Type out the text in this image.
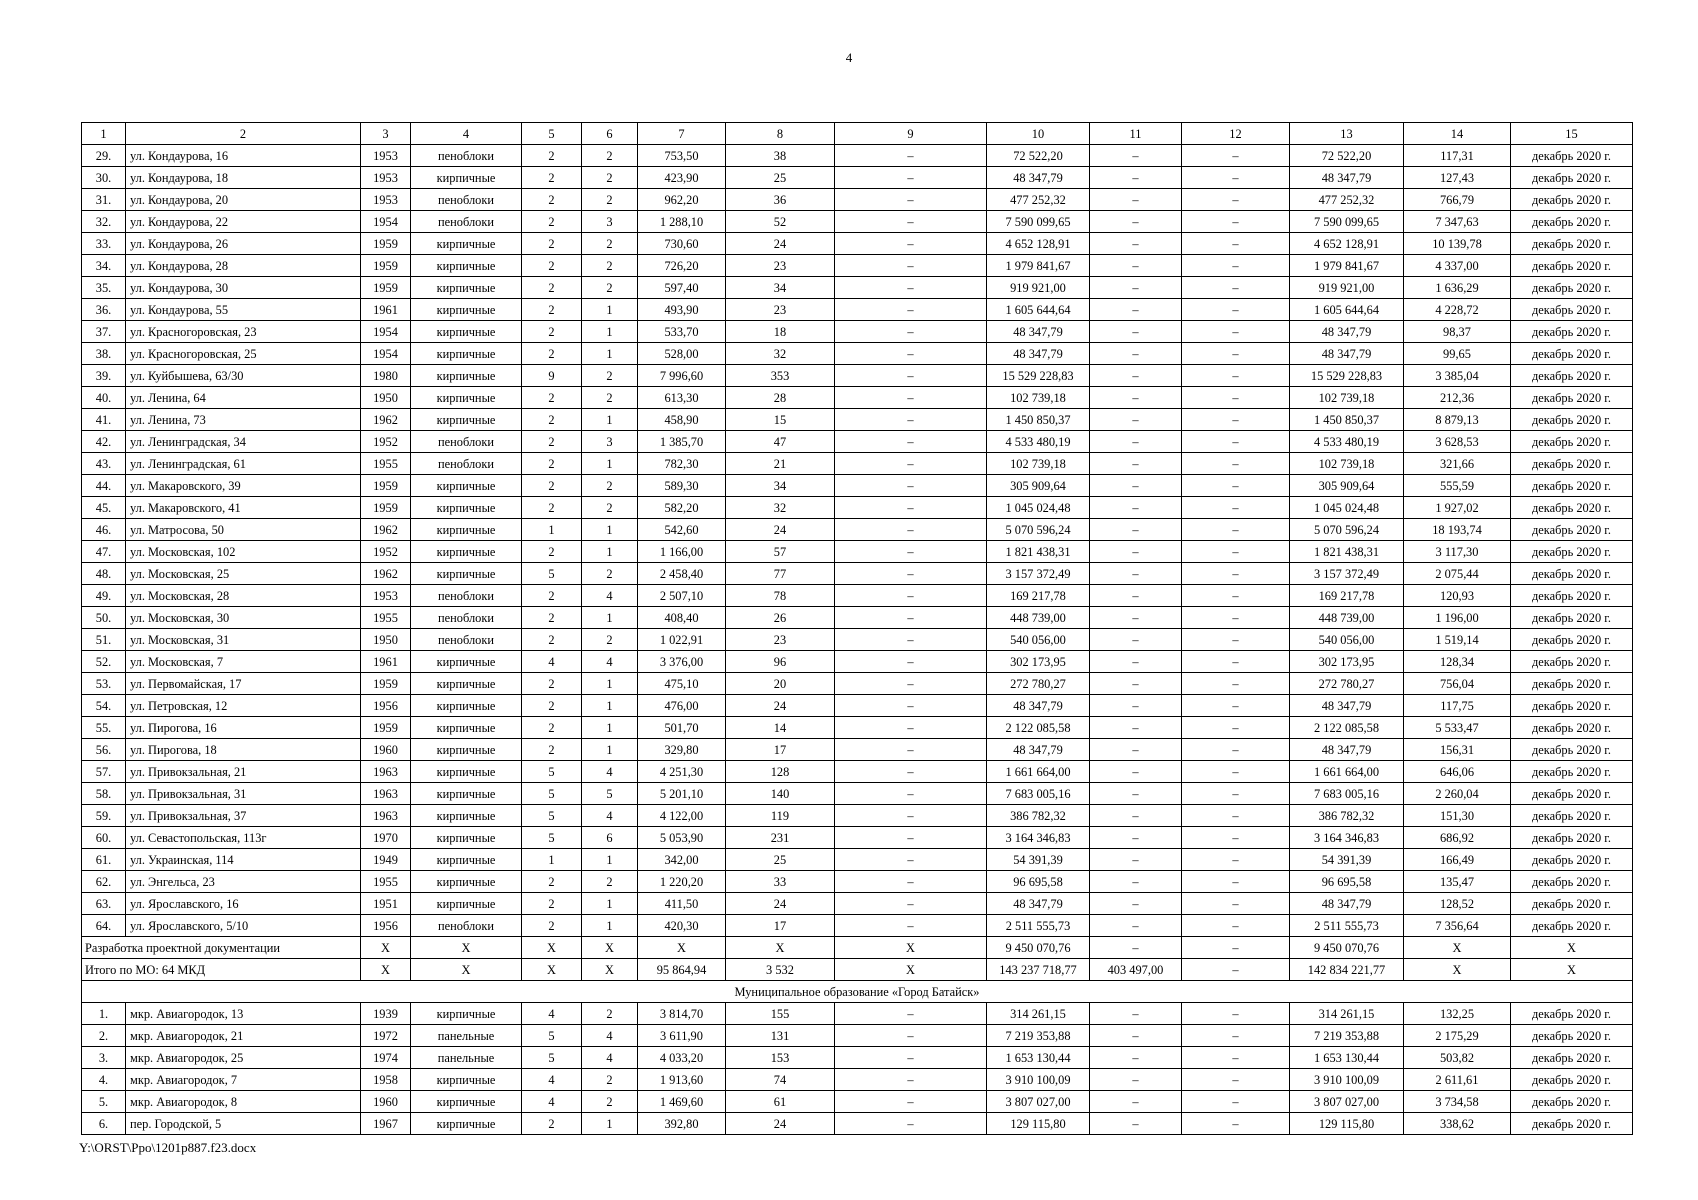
4
1	2	3	4	5	6	7	8	9	10	11	12	13	14	15
29.	ул. Кондаурова, 16	1953	пеноблоки	2	2	753,50	38	–	72 522,20	–	–	72 522,20	117,31	декабрь 2020 г.
30.	ул. Кондаурова, 18	1953	кирпичные	2	2	423,90	25	–	48 347,79	–	–	48 347,79	127,43	декабрь 2020 г.
31.	ул. Кондаурова, 20	1953	пеноблоки	2	2	962,20	36	–	477 252,32	–	–	477 252,32	766,79	декабрь 2020 г.
32.	ул. Кондаурова, 22	1954	пеноблоки	2	3	1 288,10	52	–	7 590 099,65	–	–	7 590 099,65	7 347,63	декабрь 2020 г.
33.	ул. Кондаурова, 26	1959	кирпичные	2	2	730,60	24	–	4 652 128,91	–	–	4 652 128,91	10 139,78	декабрь 2020 г.
34.	ул. Кондаурова, 28	1959	кирпичные	2	2	726,20	23	–	1 979 841,67	–	–	1 979 841,67	4 337,00	декабрь 2020 г.
35.	ул. Кондаурова, 30	1959	кирпичные	2	2	597,40	34	–	919 921,00	–	–	919 921,00	1 636,29	декабрь 2020 г.
36.	ул. Кондаурова, 55	1961	кирпичные	2	1	493,90	23	–	1 605 644,64	–	–	1 605 644,64	4 228,72	декабрь 2020 г.
37.	ул. Красногоровская, 23	1954	кирпичные	2	1	533,70	18	–	48 347,79	–	–	48 347,79	98,37	декабрь 2020 г.
38.	ул. Красногоровская, 25	1954	кирпичные	2	1	528,00	32	–	48 347,79	–	–	48 347,79	99,65	декабрь 2020 г.
39.	ул. Куйбышева, 63/30	1980	кирпичные	9	2	7 996,60	353	–	15 529 228,83	–	–	15 529 228,83	3 385,04	декабрь 2020 г.
40.	ул. Ленина, 64	1950	кирпичные	2	2	613,30	28	–	102 739,18	–	–	102 739,18	212,36	декабрь 2020 г.
41.	ул. Ленина, 73	1962	кирпичные	2	1	458,90	15	–	1 450 850,37	–	–	1 450 850,37	8 879,13	декабрь 2020 г.
42.	ул. Ленинградская, 34	1952	пеноблоки	2	3	1 385,70	47	–	4 533 480,19	–	–	4 533 480,19	3 628,53	декабрь 2020 г.
43.	ул. Ленинградская, 61	1955	пеноблоки	2	1	782,30	21	–	102 739,18	–	–	102 739,18	321,66	декабрь 2020 г.
44.	ул. Макаровского, 39	1959	кирпичные	2	2	589,30	34	–	305 909,64	–	–	305 909,64	555,59	декабрь 2020 г.
45.	ул. Макаровского, 41	1959	кирпичные	2	2	582,20	32	–	1 045 024,48	–	–	1 045 024,48	1 927,02	декабрь 2020 г.
46.	ул. Матросова, 50	1962	кирпичные	1	1	542,60	24	–	5 070 596,24	–	–	5 070 596,24	18 193,74	декабрь 2020 г.
47.	ул. Московская, 102	1952	кирпичные	2	1	1 166,00	57	–	1 821 438,31	–	–	1 821 438,31	3 117,30	декабрь 2020 г.
48.	ул. Московская, 25	1962	кирпичные	5	2	2 458,40	77	–	3 157 372,49	–	–	3 157 372,49	2 075,44	декабрь 2020 г.
49.	ул. Московская, 28	1953	пеноблоки	2	4	2 507,10	78	–	169 217,78	–	–	169 217,78	120,93	декабрь 2020 г.
50.	ул. Московская, 30	1955	пеноблоки	2	1	408,40	26	–	448 739,00	–	–	448 739,00	1 196,00	декабрь 2020 г.
51.	ул. Московская, 31	1950	пеноблоки	2	2	1 022,91	23	–	540 056,00	–	–	540 056,00	1 519,14	декабрь 2020 г.
52.	ул. Московская, 7	1961	кирпичные	4	4	3 376,00	96	–	302 173,95	–	–	302 173,95	128,34	декабрь 2020 г.
53.	ул. Первомайская, 17	1959	кирпичные	2	1	475,10	20	–	272 780,27	–	–	272 780,27	756,04	декабрь 2020 г.
54.	ул. Петровская, 12	1956	кирпичные	2	1	476,00	24	–	48 347,79	–	–	48 347,79	117,75	декабрь 2020 г.
55.	ул. Пирогова, 16	1959	кирпичные	2	1	501,70	14	–	2 122 085,58	–	–	2 122 085,58	5 533,47	декабрь 2020 г.
56.	ул. Пирогова, 18	1960	кирпичные	2	1	329,80	17	–	48 347,79	–	–	48 347,79	156,31	декабрь 2020 г.
57.	ул. Привокзальная, 21	1963	кирпичные	5	4	4 251,30	128	–	1 661 664,00	–	–	1 661 664,00	646,06	декабрь 2020 г.
58.	ул. Привокзальная, 31	1963	кирпичные	5	5	5 201,10	140	–	7 683 005,16	–	–	7 683 005,16	2 260,04	декабрь 2020 г.
59.	ул. Привокзальная, 37	1963	кирпичные	5	4	4 122,00	119	–	386 782,32	–	–	386 782,32	151,30	декабрь 2020 г.
60.	ул. Севастопольская, 113г	1970	кирпичные	5	6	5 053,90	231	–	3 164 346,83	–	–	3 164 346,83	686,92	декабрь 2020 г.
61.	ул. Украинская, 114	1949	кирпичные	1	1	342,00	25	–	54 391,39	–	–	54 391,39	166,49	декабрь 2020 г.
62.	ул. Энгельса, 23	1955	кирпичные	2	2	1 220,20	33	–	96 695,58	–	–	96 695,58	135,47	декабрь 2020 г.
63.	ул. Ярославского, 16	1951	кирпичные	2	1	411,50	24	–	48 347,79	–	–	48 347,79	128,52	декабрь 2020 г.
64.	ул. Ярославского, 5/10	1956	пеноблоки	2	1	420,30	17	–	2 511 555,73	–	–	2 511 555,73	7 356,64	декабрь 2020 г.
Разработка проектной документации		X	X	X	X	X	X	X	9 450 070,76	–	–	9 450 070,76	X	X
Итого по МО: 64 МКД		X	X	X	X	95 864,94	3 532	X	143 237 718,77	403 497,00	–	142 834 221,77	X	X
Муниципальное образование «Город Батайск»														
1.	мкр. Авиагородок, 13	1939	кирпичные	4	2	3 814,70	155	–	314 261,15	–	–	314 261,15	132,25	декабрь 2020 г.
2.	мкр. Авиагородок, 21	1972	панельные	5	4	3 611,90	131	–	7 219 353,88	–	–	7 219 353,88	2 175,29	декабрь 2020 г.
3.	мкр. Авиагородок, 25	1974	панельные	5	4	4 033,20	153	–	1 653 130,44	–	–	1 653 130,44	503,82	декабрь 2020 г.
4.	мкр. Авиагородок, 7	1958	кирпичные	4	2	1 913,60	74	–	3 910 100,09	–	–	3 910 100,09	2 611,61	декабрь 2020 г.
5.	мкр. Авиагородок, 8	1960	кирпичные	4	2	1 469,60	61	–	3 807 027,00	–	–	3 807 027,00	3 734,58	декабрь 2020 г.
6.	пер. Городской, 5	1967	кирпичные	2	1	392,80	24	–	129 115,80	–	–	129 115,80	338,62	декабрь 2020 г.
Y:\ORST\Ppo\1201p887.f23.docx
